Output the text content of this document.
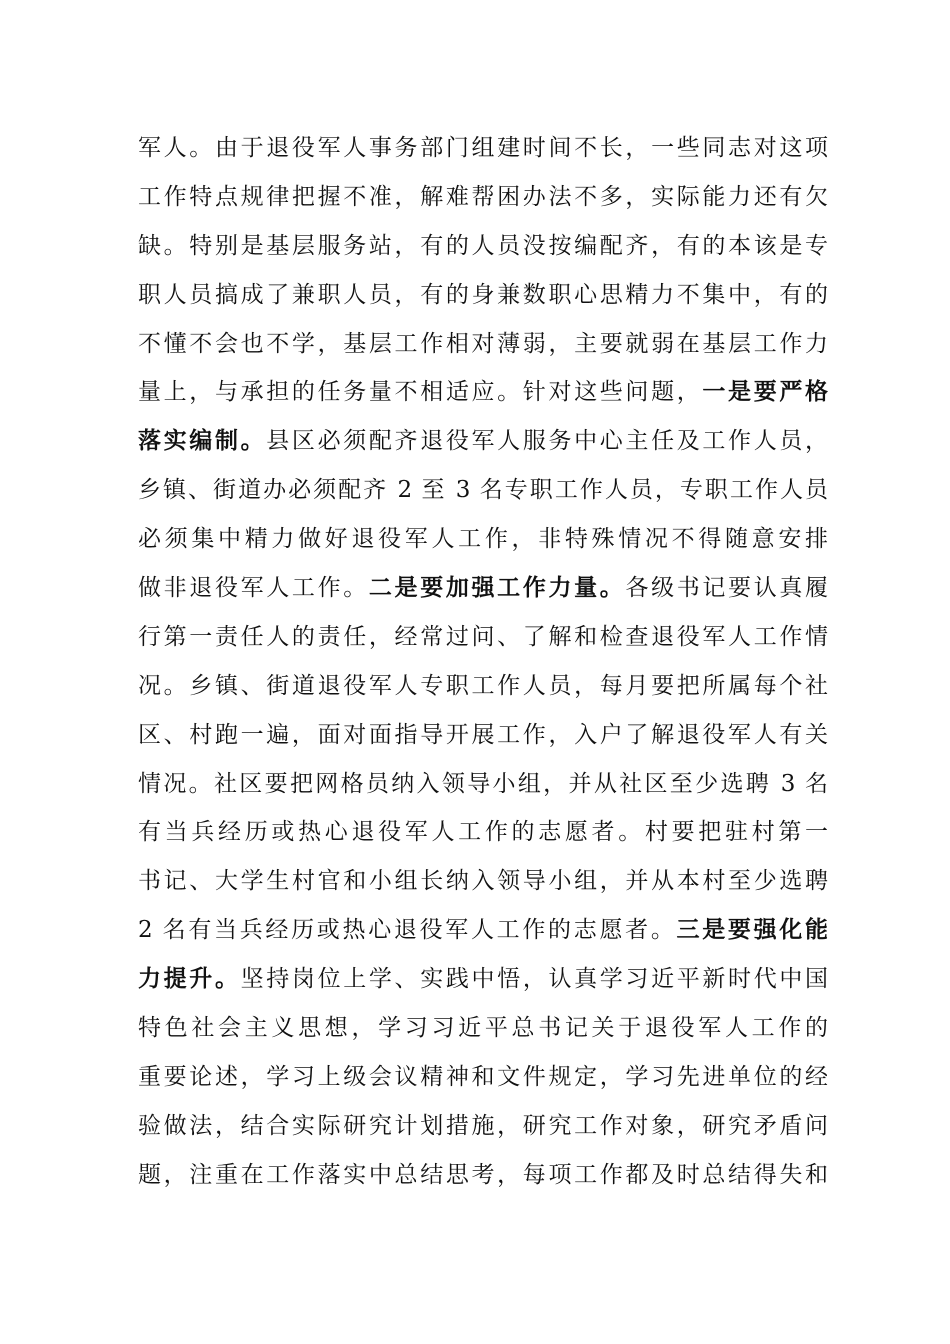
军人。由于退役军人事务部门组建时间不长，一些同志对这项
工作特点规律把握不准，解难帮困办法不多，实际能力还有欠
缺。特别是基层服务站，有的人员没按编配齐，有的本该是专
职人员搞成了兼职人员，有的身兼数职心思精力不集中，有的
不懂不会也不学，基层工作相对薄弱，主要就弱在基层工作力
量上，与承担的任务量不相适应。针对这些问题，一是要严格
落实编制。县区必须配齐退役军人服务中心主任及工作人员，
乡镇、街道办必须配齐 2 至 3 名专职工作人员，专职工作人员
必须集中精力做好退役军人工作，非特殊情况不得随意安排
做非退役军人工作。二是要加强工作力量。各级书记要认真履
行第一责任人的责任，经常过问、了解和检查退役军人工作情
况。乡镇、街道退役军人专职工作人员，每月要把所属每个社
区、村跑一遍，面对面指导开展工作，入户了解退役军人有关
情况。社区要把网格员纳入领导小组，并从社区至少选聘 3 名
有当兵经历或热心退役军人工作的志愿者。村要把驻村第一
书记、大学生村官和小组长纳入领导小组，并从本村至少选聘
2 名有当兵经历或热心退役军人工作的志愿者。三是要强化能
力提升。坚持岗位上学、实践中悟，认真学习近平新时代中国
特色社会主义思想，学习习近平总书记关于退役军人工作的
重要论述，学习上级会议精神和文件规定，学习先进单位的经
验做法，结合实际研究计划措施，研究工作对象，研究矛盾问
题，注重在工作落实中总结思考，每项工作都及时总结得失和
